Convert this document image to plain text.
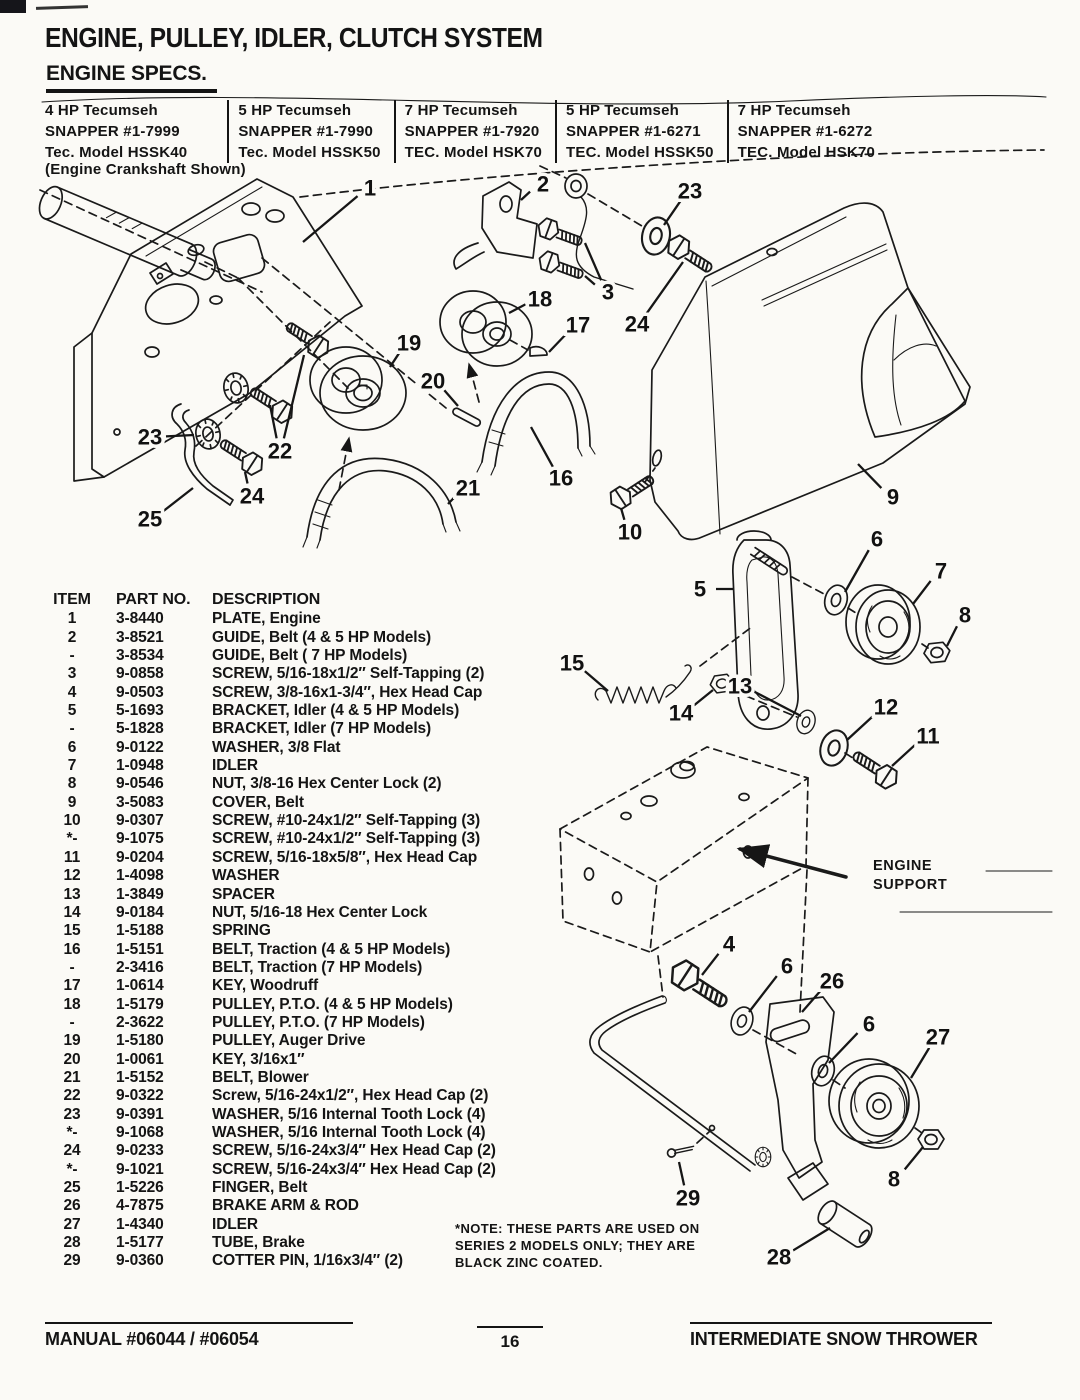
1	2	23
3
18
24
17
19
20
23
22
21	16
24
25
10
9
6
7
5
8
15
14
13
12
11
4
6
26
6
27
8
29
28
ENGINE, PULLEY, IDLER, CLUTCH SYSTEM
ENGINE SPECS.
4 HP Tecumseh
SNAPPER #1-7999
Tec. Model HSSK40
5 HP Tecumseh
SNAPPER #1-7990
Tec. Model HSSK50
7 HP Tecumseh
SNAPPER #1-7920
TEC. Model HSK70
5 HP Tecumseh
SNAPPER #1-6271
TEC. Model HSSK50
7 HP Tecumseh
SNAPPER #1-6272
TEC. Model HSK70
(Engine Crankshaft Shown)
ENGINE
SUPPORT
ITEM	PART NO.	DESCRIPTION
1	3-8440	PLATE, Engine
2	3-8521	GUIDE, Belt (4 & 5 HP Models)
-	3-8534	GUIDE, Belt ( 7 HP Models)
3	9-0858	SCREW, 5/16-18x1/2″ Self-Tapping (2)
4	9-0503	SCREW, 3/8-16x1-3/4″, Hex Head Cap
5	5-1693	BRACKET, Idler (4 & 5 HP Models)
-	5-1828	BRACKET, Idler (7 HP Models)
6	9-0122	WASHER, 3/8 Flat
7	1-0948	IDLER
8	9-0546	NUT, 3/8-16 Hex Center Lock (2)
9	3-5083	COVER, Belt
10	9-0307	SCREW, #10-24x1/2″ Self-Tapping (3)
*-	9-1075	SCREW, #10-24x1/2″ Self-Tapping (3)
11	9-0204	SCREW, 5/16-18x5/8″, Hex Head Cap
12	1-4098	WASHER
13	1-3849	SPACER
14	9-0184	NUT, 5/16-18 Hex Center Lock
15	1-5188	SPRING
16	1-5151	BELT, Traction (4 & 5 HP Models)
-	2-3416	BELT, Traction (7 HP Models)
17	1-0614	KEY, Woodruff
18	1-5179	PULLEY, P.T.O. (4 & 5 HP Models)
-	2-3622	PULLEY, P.T.O. (7 HP Models)
19	1-5180	PULLEY, Auger Drive
20	1-0061	KEY, 3/16x1″
21	1-5152	BELT, Blower
22	9-0322	Screw, 5/16-24x1/2″, Hex Head Cap (2)
23	9-0391	WASHER, 5/16 Internal Tooth Lock (4)
*-	9-1068	WASHER, 5/16 Internal Tooth Lock (4)
24	9-0233	SCREW, 5/16-24x3/4″ Hex Head Cap (2)
*-	9-1021	SCREW, 5/16-24x3/4″ Hex Head Cap (2)
25	1-5226	FINGER, Belt
26	4-7875	BRAKE ARM & ROD
27	1-4340	IDLER
28	1-5177	TUBE, Brake
29	9-0360	COTTER PIN, 1/16x3/4″ (2)
*NOTE: THESE PARTS ARE USED ON
SERIES 2 MODELS ONLY; THEY ARE
BLACK ZINC COATED.
MANUAL #06044 / #06054	16	INTERMEDIATE SNOW THROWER
